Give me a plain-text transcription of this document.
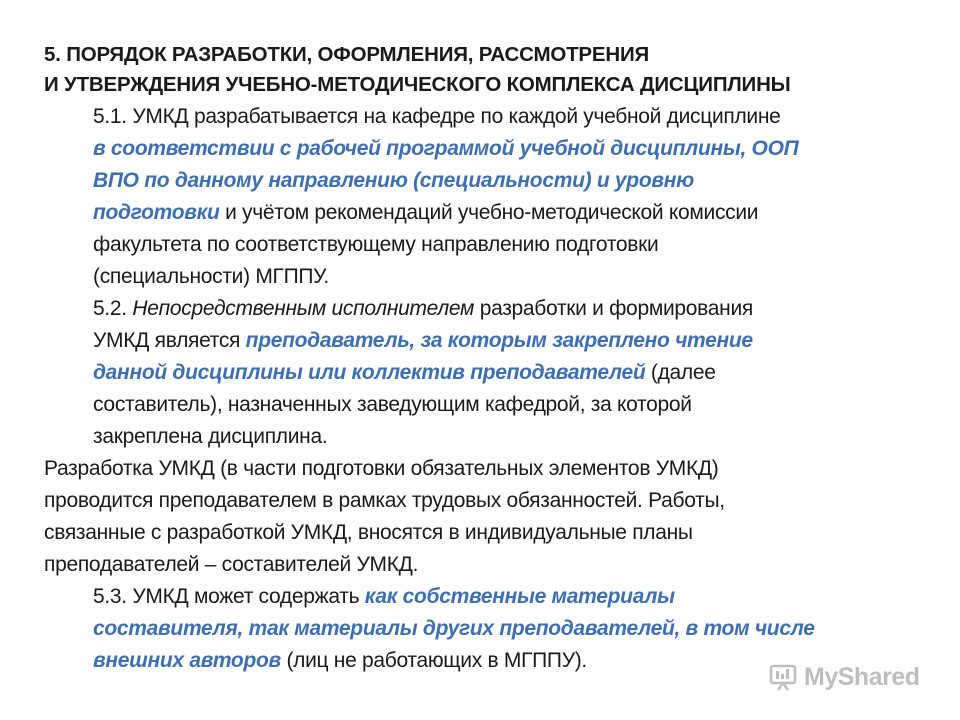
5. ПОРЯДОК РАЗРАБОТКИ, ОФОРМЛЕНИЯ, РАССМОТРЕНИЯ
И УТВЕРЖДЕНИЯ УЧЕБНО-МЕТОДИЧЕСКОГО КОМПЛЕКСА ДИСЦИПЛИНЫ

5.1. УМКД разрабатывается на кафедре по каждой учебной дисциплине
в соответствии с рабочей программой учебной дисциплины, ООП
ВПО по данному направлению (специальности) и уровню
подготовки и учётом рекомендаций учебно-методической комиссии
факультета по соответствующему направлению подготовки
(специальности) МГППУ.

5.2. Непосредственным исполнителем разработки и формирования
УМКД является преподаватель, за которым закреплено чтение
данной дисциплины или коллектив преподавателей (далее
составитель), назначенных заведующим кафедрой, за которой
закреплена дисциплина.

Разработка УМКД (в части подготовки обязательных элементов УМКД)
проводится преподавателем в рамках трудовых обязанностей. Работы,
связанные с разработкой УМКД, вносятся в индивидуальные планы
преподавателей – составителей УМКД.

5.3. УМКД может содержать как собственные материалы
составителя, так материалы других преподавателей, в том числе
внешних авторов (лиц не работающих в МГППУ).

MyShared
